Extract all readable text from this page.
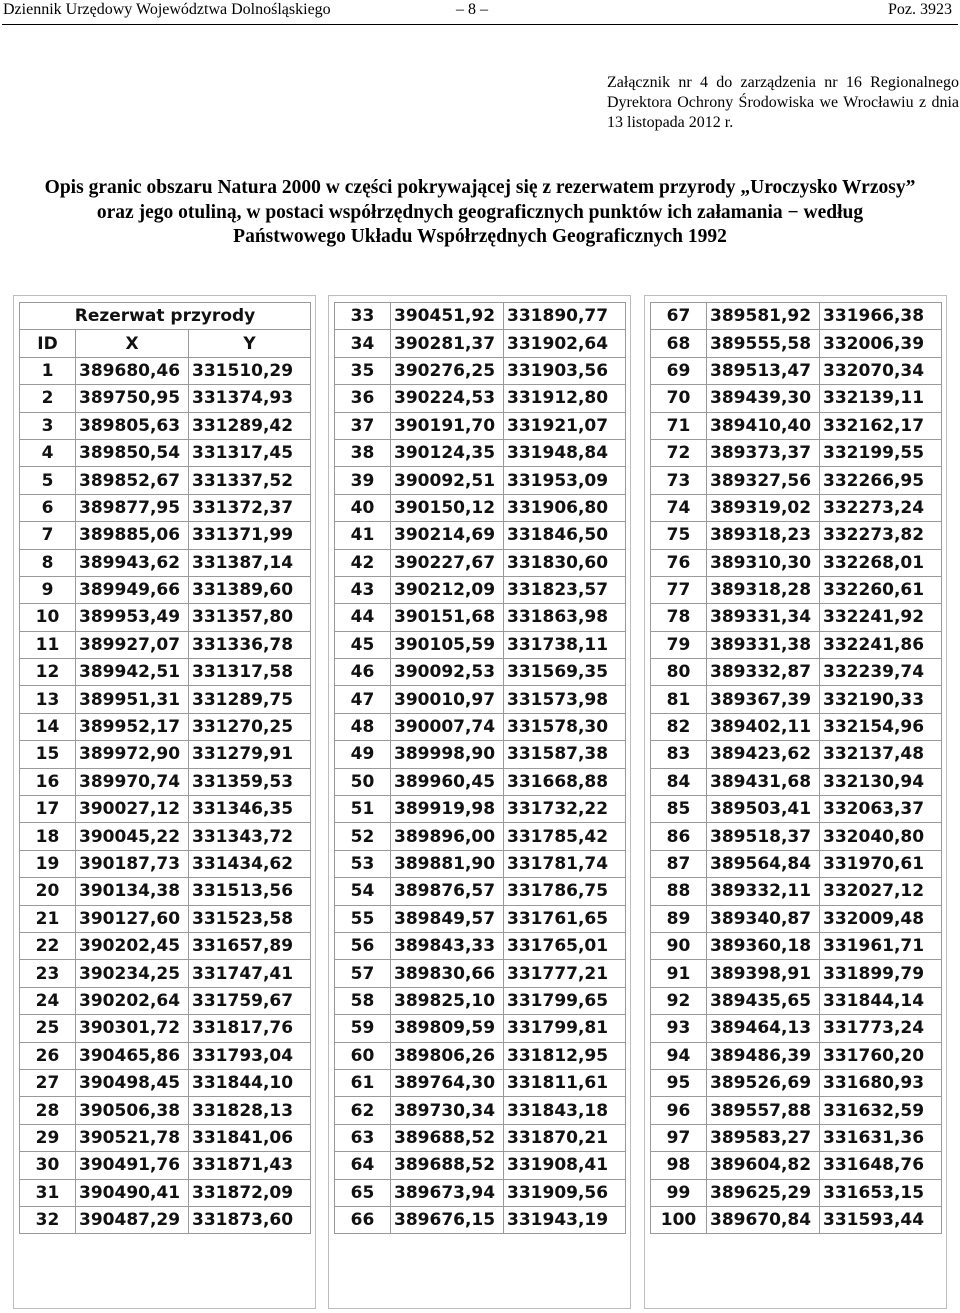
Dziennik Urzędowy Województwa Dolnośląskiego	– 8 –	Poz. 3923
Załącznik nr 4 do zarządzenia nr 16 Regionalnego Dyrektora Ochrony Środowiska we Wrocławiu z dnia 13 listopada 2012 r.
Opis granic obszaru Natura 2000 w części pokrywającej się z rezerwatem przyrody „Uroczysko Wrzosy”
oraz jego otuliną, w postaci współrzędnych geograficznych punktów ich załamania − według
Państwowego Układu Współrzędnych Geograficznych 1992
Rezerwat przyrody		
ID	X	Y
1	389680,46	331510,29
2	389750,95	331374,93
3	389805,63	331289,42
4	389850,54	331317,45
5	389852,67	331337,52
6	389877,95	331372,37
7	389885,06	331371,99
8	389943,62	331387,14
9	389949,66	331389,60
10	389953,49	331357,80
11	389927,07	331336,78
12	389942,51	331317,58
13	389951,31	331289,75
14	389952,17	331270,25
15	389972,90	331279,91
16	389970,74	331359,53
17	390027,12	331346,35
18	390045,22	331343,72
19	390187,73	331434,62
20	390134,38	331513,56
21	390127,60	331523,58
22	390202,45	331657,89
23	390234,25	331747,41
24	390202,64	331759,67
25	390301,72	331817,76
26	390465,86	331793,04
27	390498,45	331844,10
28	390506,38	331828,13
29	390521,78	331841,06
30	390491,76	331871,43
31	390490,41	331872,09
32	390487,29	331873,60
33	390451,92	331890,77
34	390281,37	331902,64
35	390276,25	331903,56
36	390224,53	331912,80
37	390191,70	331921,07
38	390124,35	331948,84
39	390092,51	331953,09
40	390150,12	331906,80
41	390214,69	331846,50
42	390227,67	331830,60
43	390212,09	331823,57
44	390151,68	331863,98
45	390105,59	331738,11
46	390092,53	331569,35
47	390010,97	331573,98
48	390007,74	331578,30
49	389998,90	331587,38
50	389960,45	331668,88
51	389919,98	331732,22
52	389896,00	331785,42
53	389881,90	331781,74
54	389876,57	331786,75
55	389849,57	331761,65
56	389843,33	331765,01
57	389830,66	331777,21
58	389825,10	331799,65
59	389809,59	331799,81
60	389806,26	331812,95
61	389764,30	331811,61
62	389730,34	331843,18
63	389688,52	331870,21
64	389688,52	331908,41
65	389673,94	331909,56
66	389676,15	331943,19
67	389581,92	331966,38
68	389555,58	332006,39
69	389513,47	332070,34
70	389439,30	332139,11
71	389410,40	332162,17
72	389373,37	332199,55
73	389327,56	332266,95
74	389319,02	332273,24
75	389318,23	332273,82
76	389310,30	332268,01
77	389318,28	332260,61
78	389331,34	332241,92
79	389331,38	332241,86
80	389332,87	332239,74
81	389367,39	332190,33
82	389402,11	332154,96
83	389423,62	332137,48
84	389431,68	332130,94
85	389503,41	332063,37
86	389518,37	332040,80
87	389564,84	331970,61
88	389332,11	332027,12
89	389340,87	332009,48
90	389360,18	331961,71
91	389398,91	331899,79
92	389435,65	331844,14
93	389464,13	331773,24
94	389486,39	331760,20
95	389526,69	331680,93
96	389557,88	331632,59
97	389583,27	331631,36
98	389604,82	331648,76
99	389625,29	331653,15
100	389670,84	331593,44
